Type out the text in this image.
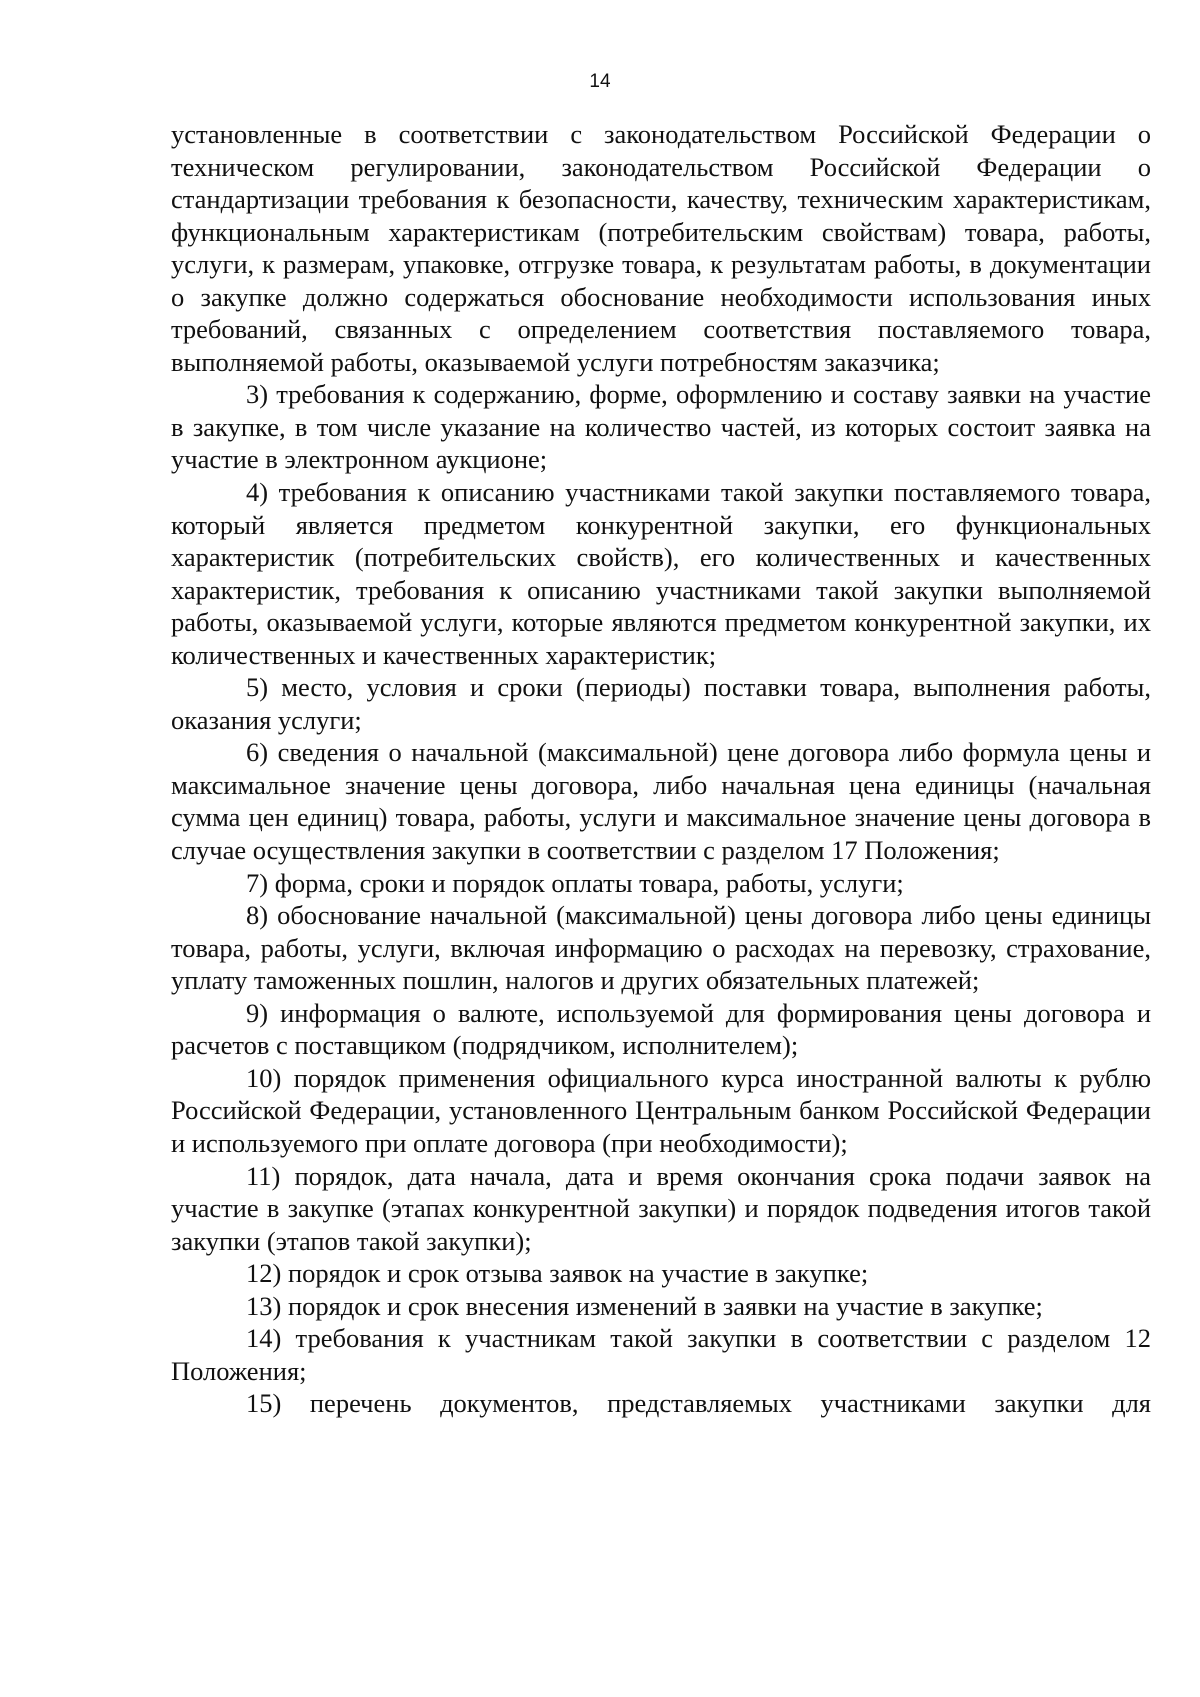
14

установленные в соответствии с законодательством Российской Федерации о техническом регулировании, законодательством Российской Федерации о стандартизации требования к безопасности, качеству, техническим характеристикам, функциональным характеристикам (потребительским свойствам) товара, работы, услуги, к размерам, упаковке, отгрузке товара, к результатам работы, в документации о закупке должно содержаться обоснование необходимости использования иных требований, связанных с определением соответствия поставляемого товара, выполняемой работы, оказываемой услуги потребностям заказчика;

3) требования к содержанию, форме, оформлению и составу заявки на участие в закупке, в том числе указание на количество частей, из которых состоит заявка на участие в электронном аукционе;

4) требования к описанию участниками такой закупки поставляемого товара, который является предметом конкурентной закупки, его функциональных характеристик (потребительских свойств), его количественных и качественных характеристик, требования к описанию участниками такой закупки выполняемой работы, оказываемой услуги, которые являются предметом конкурентной закупки, их количественных и качественных характеристик;

5) место, условия и сроки (периоды) поставки товара, выполнения работы, оказания услуги;

6) сведения о начальной (максимальной) цене договора либо формула цены и максимальное значение цены договора, либо начальная цена единицы (начальная сумма цен единиц) товара, работы, услуги и максимальное значение цены договора в случае осуществления закупки в соответствии с разделом 17 Положения;

7) форма, сроки и порядок оплаты товара, работы, услуги;

8) обоснование начальной (максимальной) цены договора либо цены единицы товара, работы, услуги, включая информацию о расходах на перевозку, страхование, уплату таможенных пошлин, налогов и других обязательных платежей;

9) информация о валюте, используемой для формирования цены договора и расчетов с поставщиком (подрядчиком, исполнителем);

10) порядок применения официального курса иностранной валюты к рублю Российской Федерации, установленного Центральным банком Российской Федерации и используемого при оплате договора (при необходимости);

11) порядок, дата начала, дата и время окончания срока подачи заявок на участие в закупке (этапах конкурентной закупки) и порядок подведения итогов такой закупки (этапов такой закупки);

12) порядок и срок отзыва заявок на участие в закупке;

13) порядок и срок внесения изменений в заявки на участие в закупке;

14) требования к участникам такой закупки в соответствии с разделом 12 Положения;

15) перечень документов, представляемых участниками закупки для
